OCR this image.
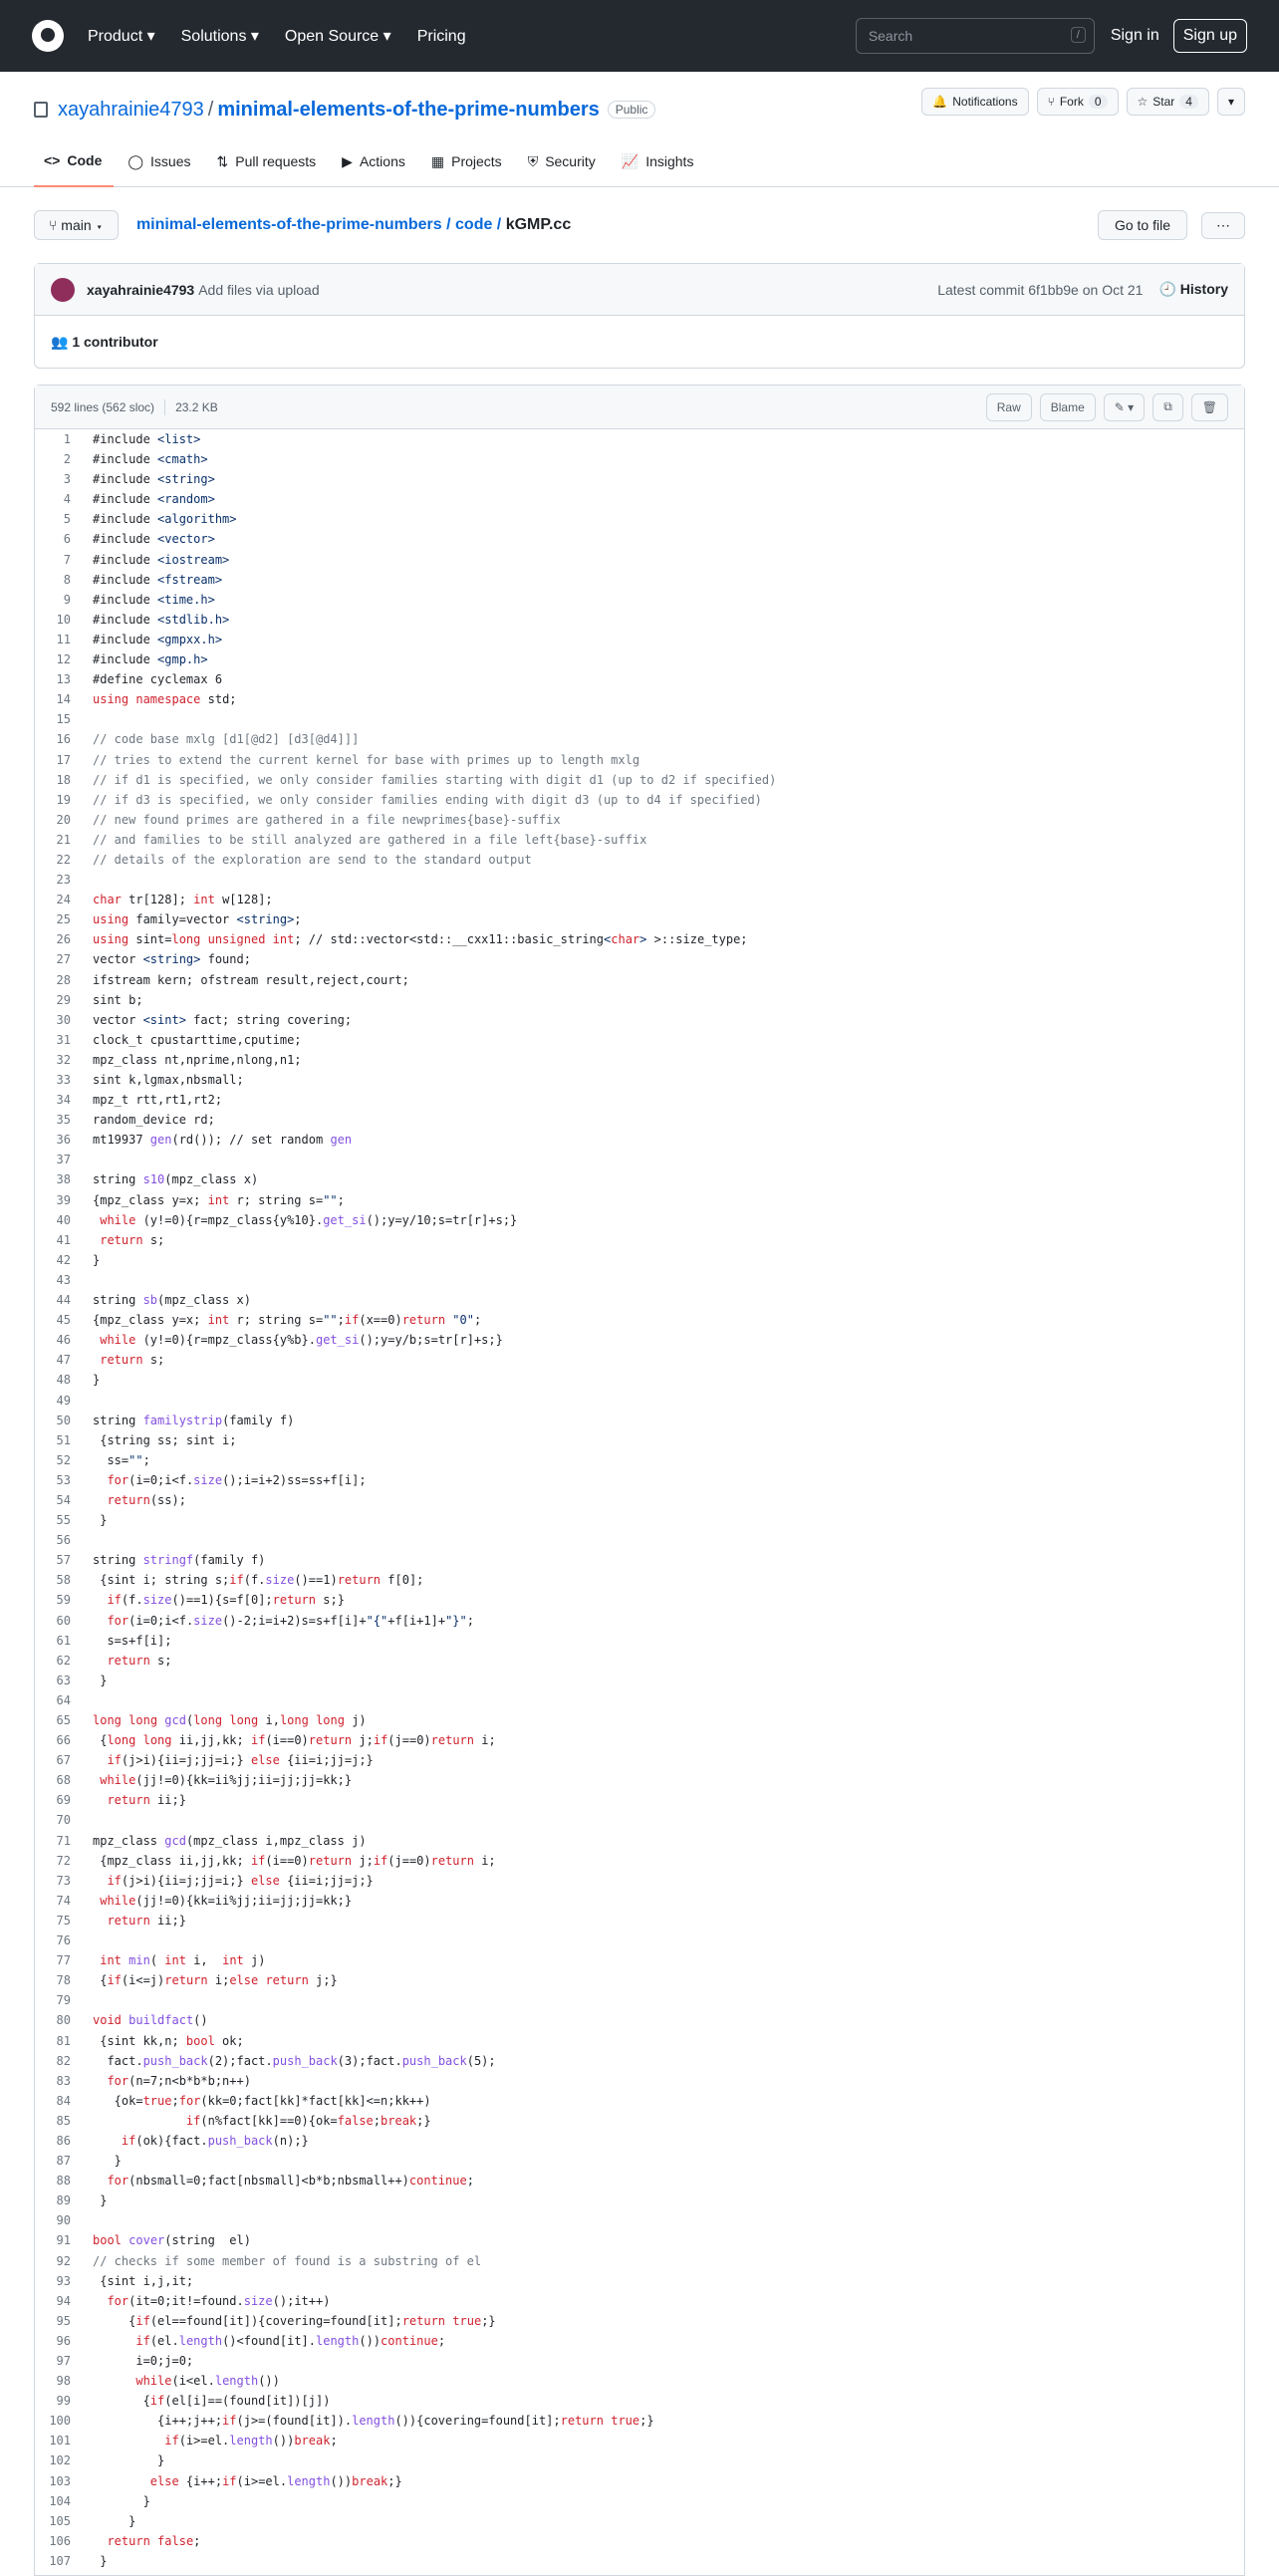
Product ▾ Solutions ▾ Open Source ▾ Pricing	Search	/	Sign in	Sign up
xayahrainie4793 / minimal-elements-of-the-prime-numbers	Public
🔔 Notifications	⑂ Fork 0	☆ Star 4	▾
<> Code ◯ Issues ⇅ Pull requests ▶ Actions ▦ Projects ⛨ Security 📈 Insights
⑂ main ▾	minimal-elements-of-the-prime-numbers / code / kGMP.cc	Go to file	⋯
xayahrainie4793 Add files via upload	Latest commit 6f1bb9e on Oct 21 🕘 History
👥
1 contributor
592 lines (562 sloc) 23.2 KB	Raw	Blame	✎ ▾	⧉	🗑
1	#include <list>
2	#include <cmath>
3	#include <string>
4	#include <random>
5	#include <algorithm>
6	#include <vector>
7	#include <iostream>
8	#include <fstream>
9	#include <time.h>
10	#include <stdlib.h>
11	#include <gmpxx.h>
12	#include <gmp.h>
13	#define cyclemax 6
14	using namespace std;
15
16	// code base mxlg [d1[@d2] [d3[@d4]]]
17	// tries to extend the current kernel for base with primes up to length mxlg
18	// if d1 is specified, we only consider families starting with digit d1 (up to d2 if specified)
19	// if d3 is specified, we only consider families ending with digit d3 (up to d4 if specified)
20	// new found primes are gathered in a file newprimes{base}-suffix
21	// and families to be still analyzed are gathered in a file left{base}-suffix
22	// details of the exploration are send to the standard output
23
24	char tr[128]; int w[128];
25	using family=vector <string>;
26	using sint=long unsigned int; // std::vector<std::__cxx11::basic_string<char> >::size_type;
27	vector <string> found;
28	ifstream kern; ofstream result,reject,court;
29	sint b;
30	vector <sint> fact; string covering;
31	clock_t cpustarttime,cputime;
32	mpz_class nt,nprime,nlong,n1;
33	sint k,lgmax,nbsmall;
34	mpz_t rtt,rt1,rt2;
35	random_device rd;
36	mt19937 gen(rd()); // set random gen
37
38	string s10(mpz_class x)
39	{mpz_class y=x; int r; string s="";
40	while (y!=0){r=mpz_class{y%10}.get_si();y=y/10;s=tr[r]+s;}
41	return s;
42	}
43
44	string sb(mpz_class x)
45	{mpz_class y=x; int r; string s="";if(x==0)return "0";
46	while (y!=0){r=mpz_class{y%b}.get_si();y=y/b;s=tr[r]+s;}
47	return s;
48	}
49
50	string familystrip(family f)
51	{string ss; sint i;
52	ss="";
53	for(i=0;i<f.size();i=i+2)ss=ss+f[i];
54	return(ss);
55	}
56
57	string stringf(family f)
58	{sint i; string s;if(f.size()==1)return f[0];
59	if(f.size()==1){s=f[0];return s;}
60	for(i=0;i<f.size()-2;i=i+2)s=s+f[i]+"{"+f[i+1]+"}";
61	s=s+f[i];
62	return s;
63	}
64
65	long long gcd(long long i,long long j)
66	{long long ii,jj,kk; if(i==0)return j;if(j==0)return i;
67	if(j>i){ii=j;jj=i;} else {ii=i;jj=j;}
68	while(jj!=0){kk=ii%jj;ii=jj;jj=kk;}
69	return ii;}
70
71	mpz_class gcd(mpz_class i,mpz_class j)
72	{mpz_class ii,jj,kk; if(i==0)return j;if(j==0)return i;
73	if(j>i){ii=j;jj=i;} else {ii=i;jj=j;}
74	while(jj!=0){kk=ii%jj;ii=jj;jj=kk;}
75	return ii;}
76
77	int min( int i,  int j)
78	{if(i<=j)return i;else return j;}
79
80	void buildfact()
81	{sint kk,n; bool ok;
82	fact.push_back(2);fact.push_back(3);fact.push_back(5);
83	for(n=7;n<b*b*b;n++)
84	{ok=true;for(kk=0;fact[kk]*fact[kk]<=n;kk++)
85	if(n%fact[kk]==0){ok=false;break;}
86	if(ok){fact.push_back(n);}
87	}
88	for(nbsmall=0;fact[nbsmall]<b*b;nbsmall++)continue;
89	}
90
91	bool cover(string  el)
92	// checks if some member of found is a substring of el
93	{sint i,j,it;
94	for(it=0;it!=found.size();it++)
95	{if(el==found[it]){covering=found[it];return true;}
96	if(el.length()<found[it].length())continue;
97	i=0;j=0;
98	while(i<el.length())
99	{if(el[i]==(found[it])[j])
100	{i++;j++;if(j>=(found[it]).length()){covering=found[it];return true;}
101	if(i>=el.length())break;
102	}
103	else {i++;if(i>=el.length())break;}
104	}
105	}
106	return false;
107	}
